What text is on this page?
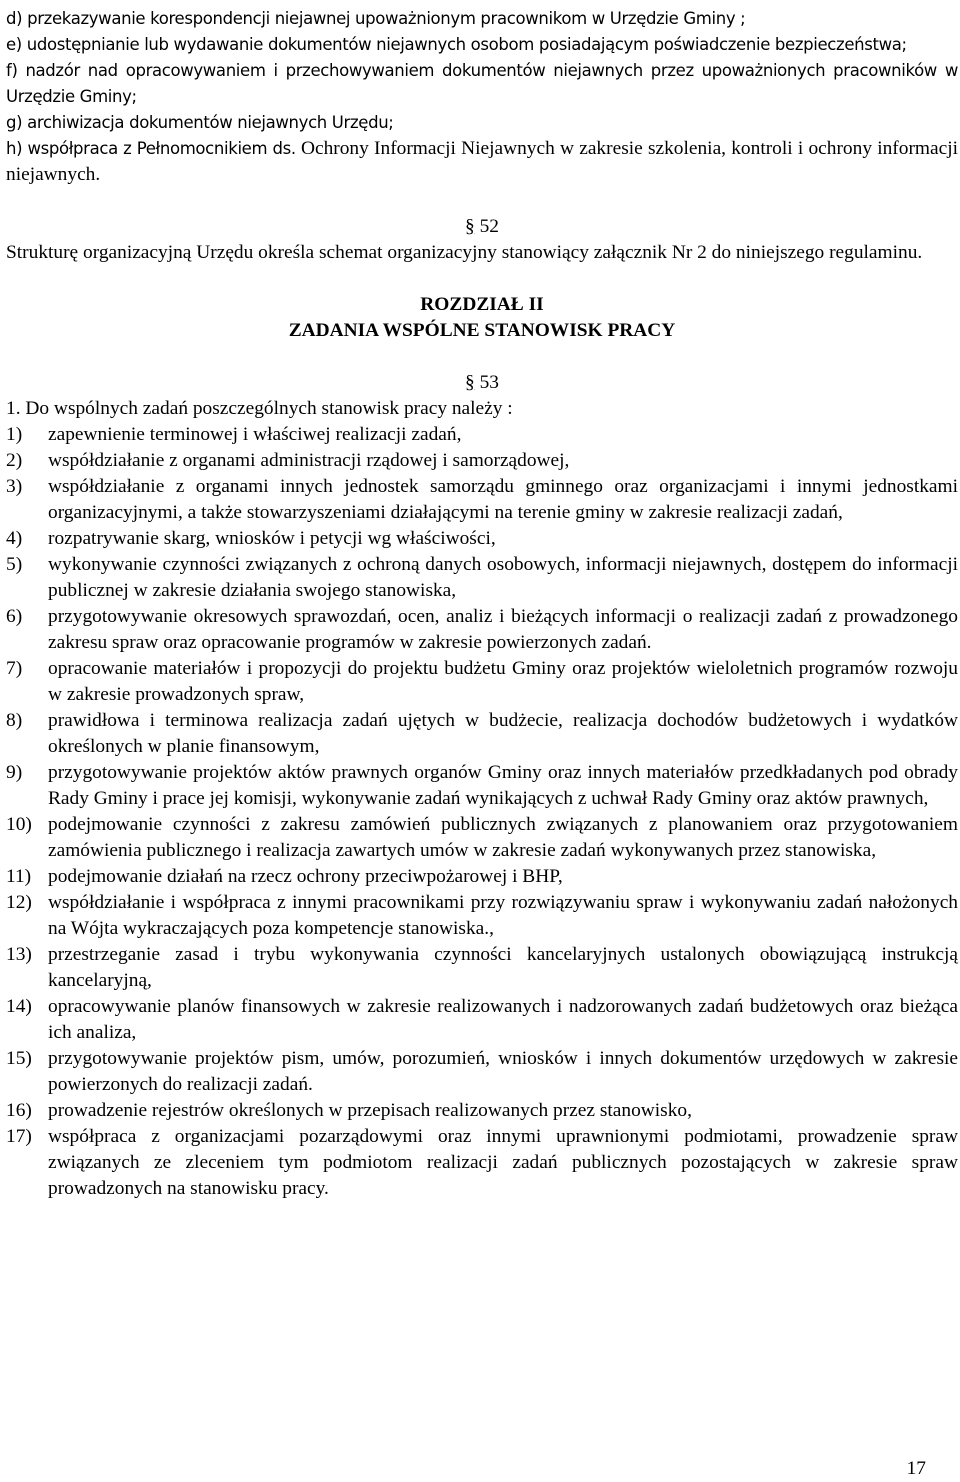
d) przekazywanie korespondencji niejawnej upoważnionym pracownikom w Urzędzie Gminy ;

e) udostępnianie lub wydawanie dokumentów niejawnych osobom posiadającym poświadczenie bezpieczeństwa;

f) nadzór nad opracowywaniem i przechowywaniem dokumentów niejawnych przez upoważnionych pracowników w Urzędzie Gminy;

g) archiwizacja dokumentów niejawnych Urzędu;

h) współpraca z Pełnomocnikiem ds. Ochrony Informacji Niejawnych w zakresie szkolenia, kontroli i ochrony informacji niejawnych.

§ 52

Strukturę organizacyjną Urzędu określa schemat organizacyjny stanowiący załącznik Nr 2 do niniejszego regulaminu.

ROZDZIAŁ II

ZADANIA WSPÓLNE STANOWISK PRACY

§ 53

1. Do wspólnych zadań poszczególnych stanowisk pracy należy :

1)	zapewnienie terminowej i właściwej realizacji zadań,
2)	współdziałanie z organami administracji rządowej i samorządowej,
3)	współdziałanie z organami innych jednostek samorządu gminnego oraz organizacjami i innymi jednostkami organizacyjnymi, a także stowarzyszeniami działającymi na terenie gminy w zakresie realizacji zadań,
4)	rozpatrywanie skarg, wniosków i petycji wg właściwości,
5)	wykonywanie czynności związanych z ochroną danych osobowych, informacji niejawnych, dostępem do informacji publicznej w zakresie działania swojego stanowiska,
6)	przygotowywanie okresowych sprawozdań, ocen, analiz i bieżących informacji o realizacji zadań z prowadzonego zakresu spraw oraz opracowanie programów w zakresie powierzonych zadań.
7)	opracowanie materiałów i propozycji do projektu budżetu Gminy oraz projektów wieloletnich programów rozwoju w zakresie prowadzonych spraw,
8)	prawidłowa i terminowa realizacja zadań ujętych w budżecie, realizacja dochodów budżetowych i wydatków określonych w planie finansowym,
9)	przygotowywanie projektów aktów prawnych organów Gminy oraz innych materiałów przedkładanych pod obrady Rady Gminy i prace jej komisji, wykonywanie zadań wynikających z uchwał Rady Gminy oraz aktów prawnych,
10) podejmowanie czynności z zakresu zamówień publicznych związanych z planowaniem oraz przygotowaniem zamówienia publicznego i realizacja zawartych umów w zakresie zadań wykonywanych przez stanowiska,
11) podejmowanie działań na rzecz ochrony przeciwpożarowej i BHP,
12) współdziałanie i współpraca z innymi pracownikami przy rozwiązywaniu spraw i wykonywaniu zadań nałożonych na Wójta wykraczających poza kompetencje stanowiska.,
13) przestrzeganie zasad i trybu wykonywania czynności kancelaryjnych ustalonych obowiązującą instrukcją kancelaryjną,
14) opracowywanie planów finansowych w zakresie realizowanych i nadzorowanych zadań budżetowych oraz bieżąca ich analiza,
15) przygotowywanie projektów pism, umów, porozumień, wniosków i innych dokumentów urzędowych w zakresie powierzonych do realizacji zadań.
16) prowadzenie rejestrów określonych w przepisach realizowanych przez stanowisko,
17) współpraca z organizacjami pozarządowymi oraz innymi uprawnionymi podmiotami, prowadzenie spraw związanych ze zleceniem tym podmiotom realizacji zadań publicznych pozostających w zakresie spraw prowadzonych na stanowisku pracy.
17
